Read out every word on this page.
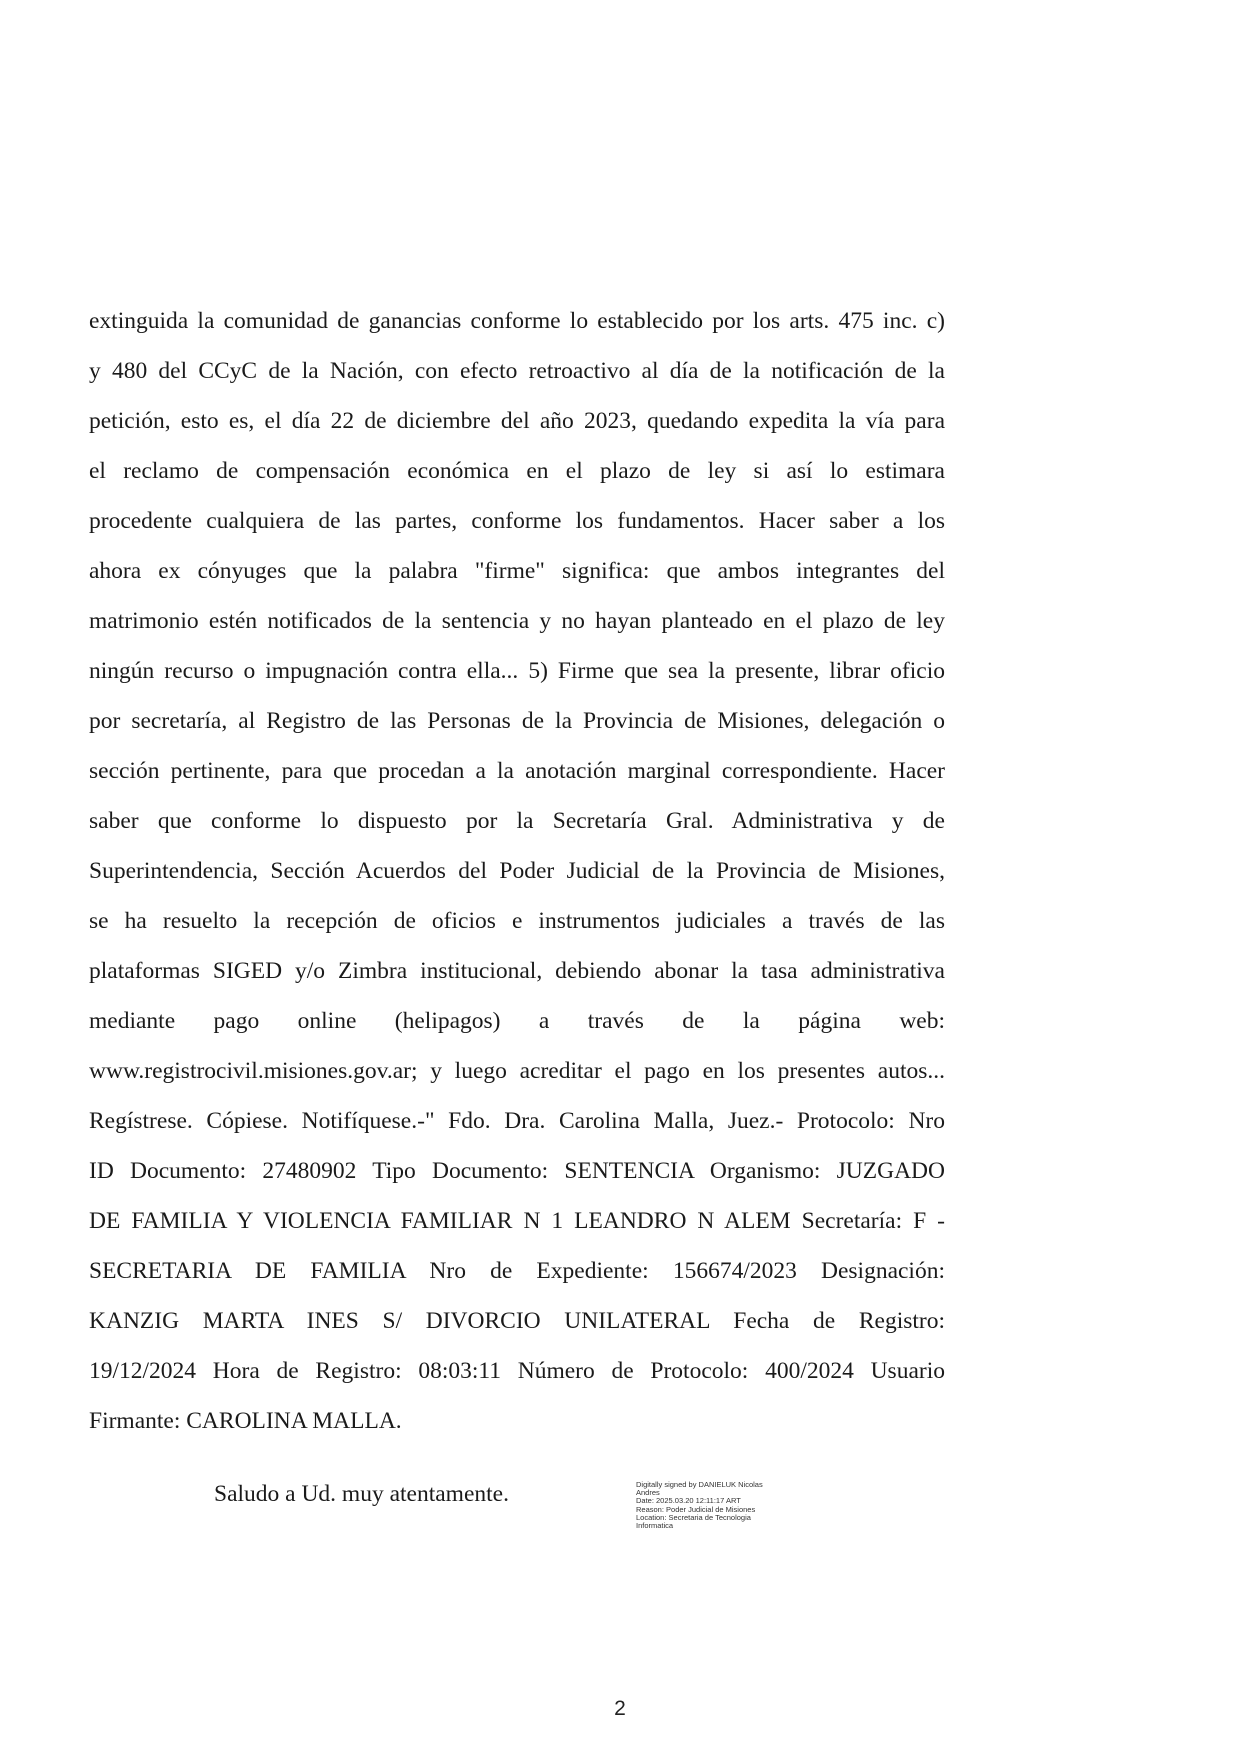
extinguida la comunidad de ganancias conforme lo establecido por los arts. 475 inc. c)
y 480 del CCyC de la Nación, con efecto retroactivo al día de la notificación de la
petición, esto es, el día 22 de diciembre del año 2023, quedando expedita la vía para
el reclamo de compensación económica en el plazo de ley si así lo estimara
procedente cualquiera de las partes, conforme los fundamentos. Hacer saber a los
ahora ex cónyuges que la palabra "firme" significa: que ambos integrantes del
matrimonio estén notificados de la sentencia y no hayan planteado en el plazo de ley
ningún recurso o impugnación contra ella... 5) Firme que sea la presente, librar oficio
por secretaría, al Registro de las Personas de la Provincia de Misiones, delegación o
sección pertinente, para que procedan a la anotación marginal correspondiente. Hacer
saber que conforme lo dispuesto por la Secretaría Gral. Administrativa y de
Superintendencia, Sección Acuerdos del Poder Judicial de la Provincia de Misiones,
se ha resuelto la recepción de oficios e instrumentos judiciales a través de las
plataformas SIGED y/o Zimbra institucional, debiendo abonar la tasa administrativa
mediante pago online (helipagos) a través de la página web:
www.registrocivil.misiones.gov.ar; y luego acreditar el pago en los presentes autos...
Regístrese. Cópiese. Notifíquese.-" Fdo. Dra. Carolina Malla, Juez.- Protocolo: Nro
ID Documento: 27480902 Tipo Documento: SENTENCIA Organismo: JUZGADO
DE FAMILIA Y VIOLENCIA FAMILIAR N 1 LEANDRO N ALEM Secretaría: F -
SECRETARIA DE FAMILIA Nro de Expediente: 156674/2023 Designación:
KANZIG MARTA INES S/ DIVORCIO UNILATERAL Fecha de Registro:
19/12/2024 Hora de Registro: 08:03:11 Número de Protocolo: 400/2024 Usuario
Firmante: CAROLINA MALLA.
Saludo a Ud. muy atentamente.	Digitally signed by DANIELUK Nicolas
Andres
Date: 2025.03.20 12:11:17 ART
Reason: Poder Judicial de Misiones
Location: Secretaria de Tecnologia
Informatica
2
